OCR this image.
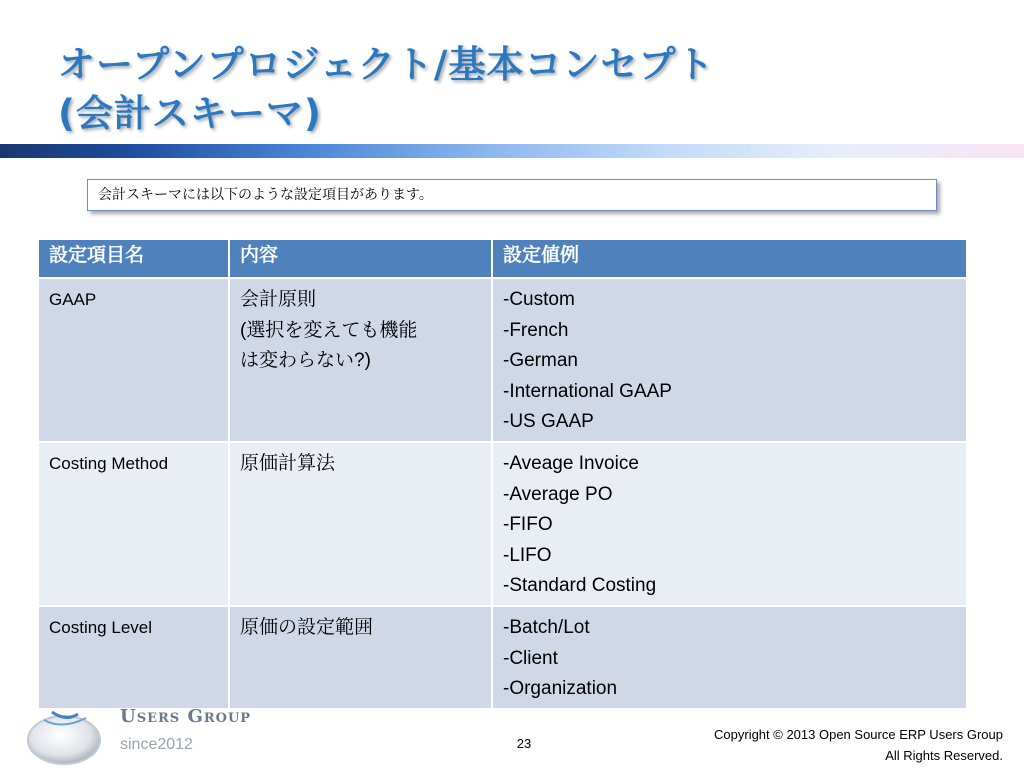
オープンプロジェクト/基本コンセプト
(会計スキーマ)
会計スキーマには以下のような設定項目があります。
設定項目名	内容	設定値例
GAAP	会計原則
(選択を変えても機能
は変わらない?)	-Custom
-French
-German
-International GAAP
-US GAAP
Costing Method	原価計算法	-Aveage Invoice
-Average PO
-FIFO
-LIFO
-Standard Costing
Costing Level	原価の設定範囲	-Batch/Lot
-Client
-Organization
Users Group
since2012	23
Copyright © 2013 Open Source ERP Users Group
All Rights Reserved.
